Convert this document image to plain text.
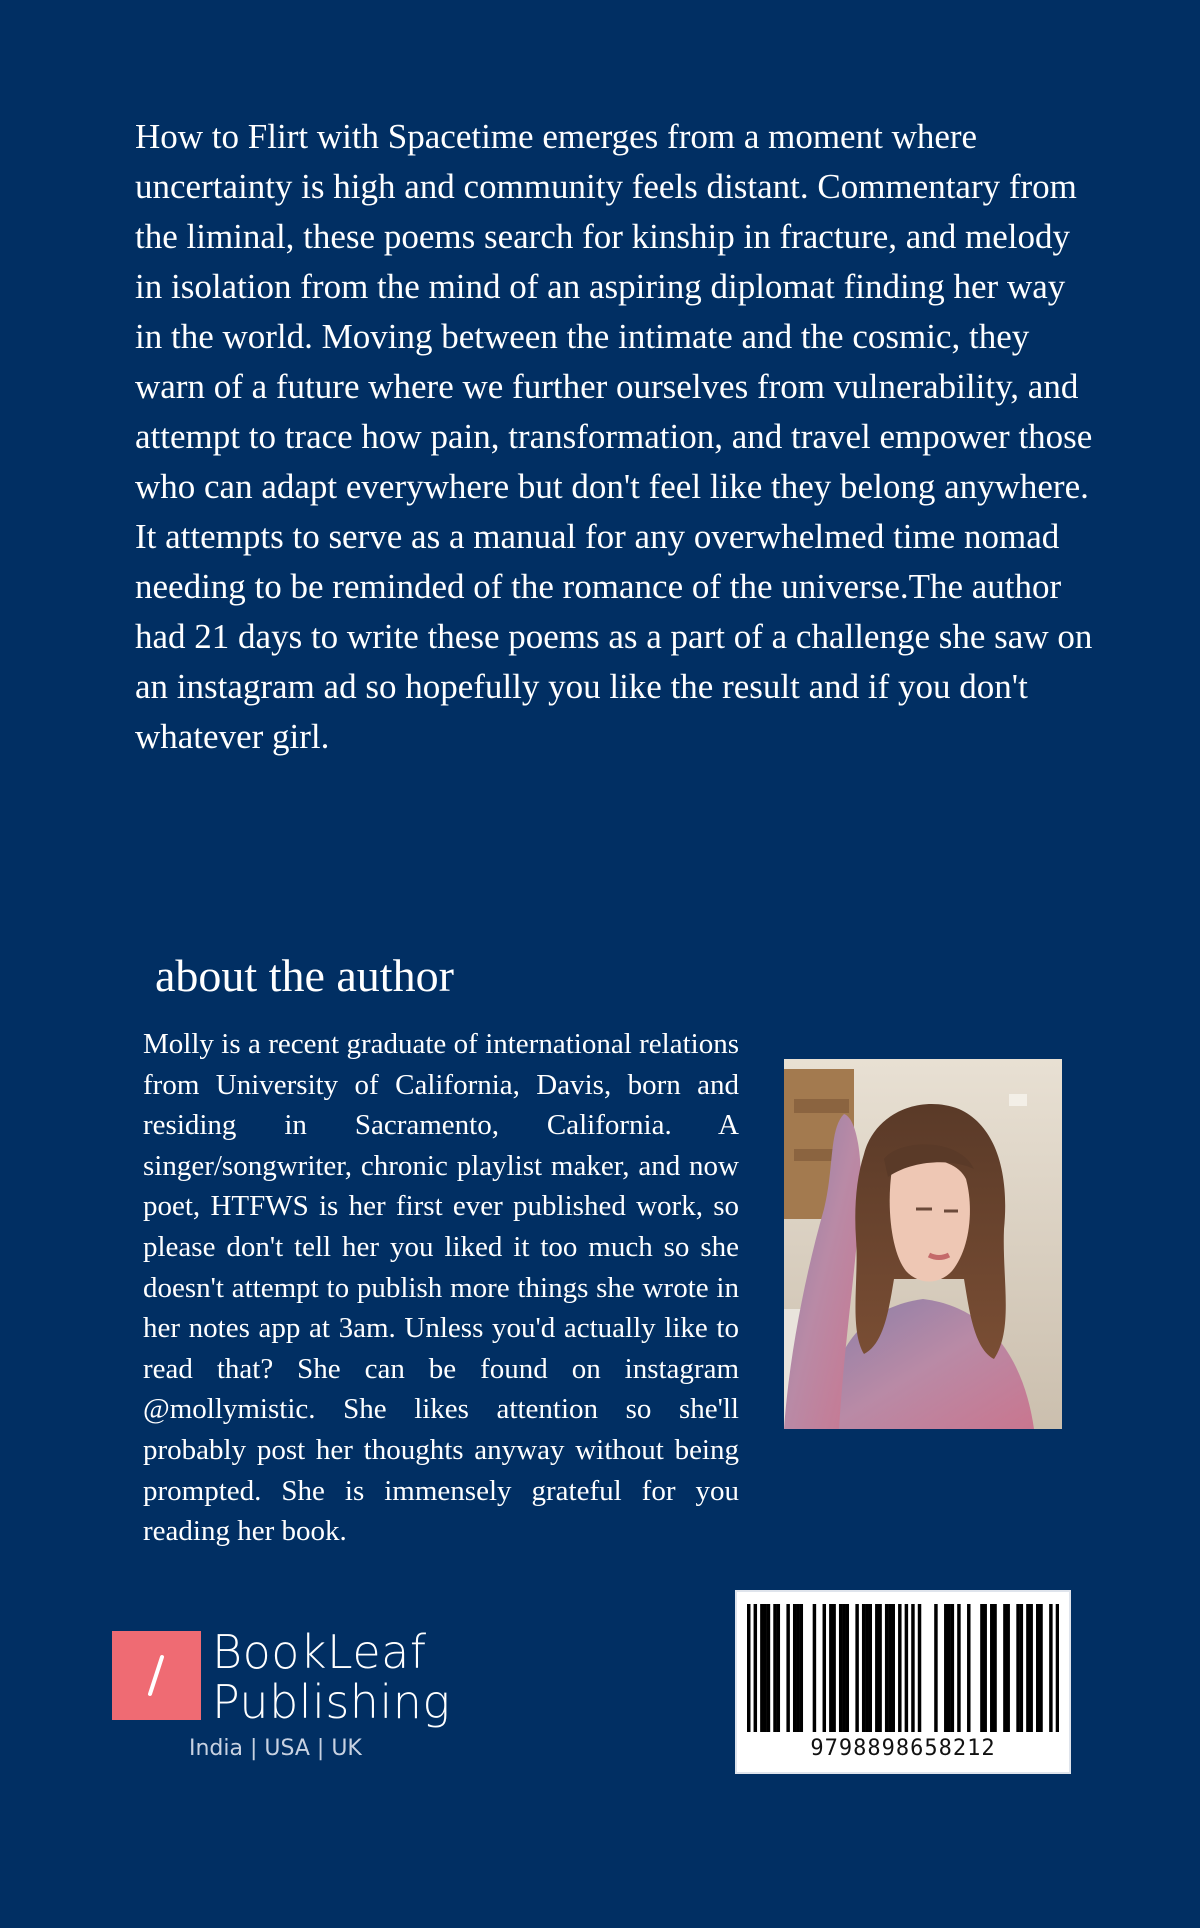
How to Flirt with Spacetime emerges from a moment where uncertainty is high and community feels distant. Commentary from the liminal, these poems search for kinship in fracture, and melody in isolation from the mind of an aspiring diplomat finding her way in the world. Moving between the intimate and the cosmic, they warn of a future where we further ourselves from vulnerability, and attempt to trace how pain, transformation, and travel empower those who can adapt everywhere but don't feel like they belong anywhere. It attempts to serve as a manual for any overwhelmed time nomad needing to be reminded of the romance of the universe.The author had 21 days to write these poems as a part of a challenge she saw on an instagram ad so hopefully you like the result and if you don't whatever girl.

about the author

Molly is a recent graduate of international relations from University of California, Davis, born and residing in Sacramento, California. A singer/songwriter, chronic playlist maker, and now poet, HTFWS is her first ever published work, so please don't tell her you liked it too much so she doesn't attempt to publish more things she wrote in her notes app at 3am. Unless you'd actually like to read that? She can be found on instagram @mollymistic. She likes attention so she'll probably post her thoughts anyway without being prompted. She is immensely grateful for you reading her book.

BookLeaf
Publishing
India | USA | UK	9798898658212
